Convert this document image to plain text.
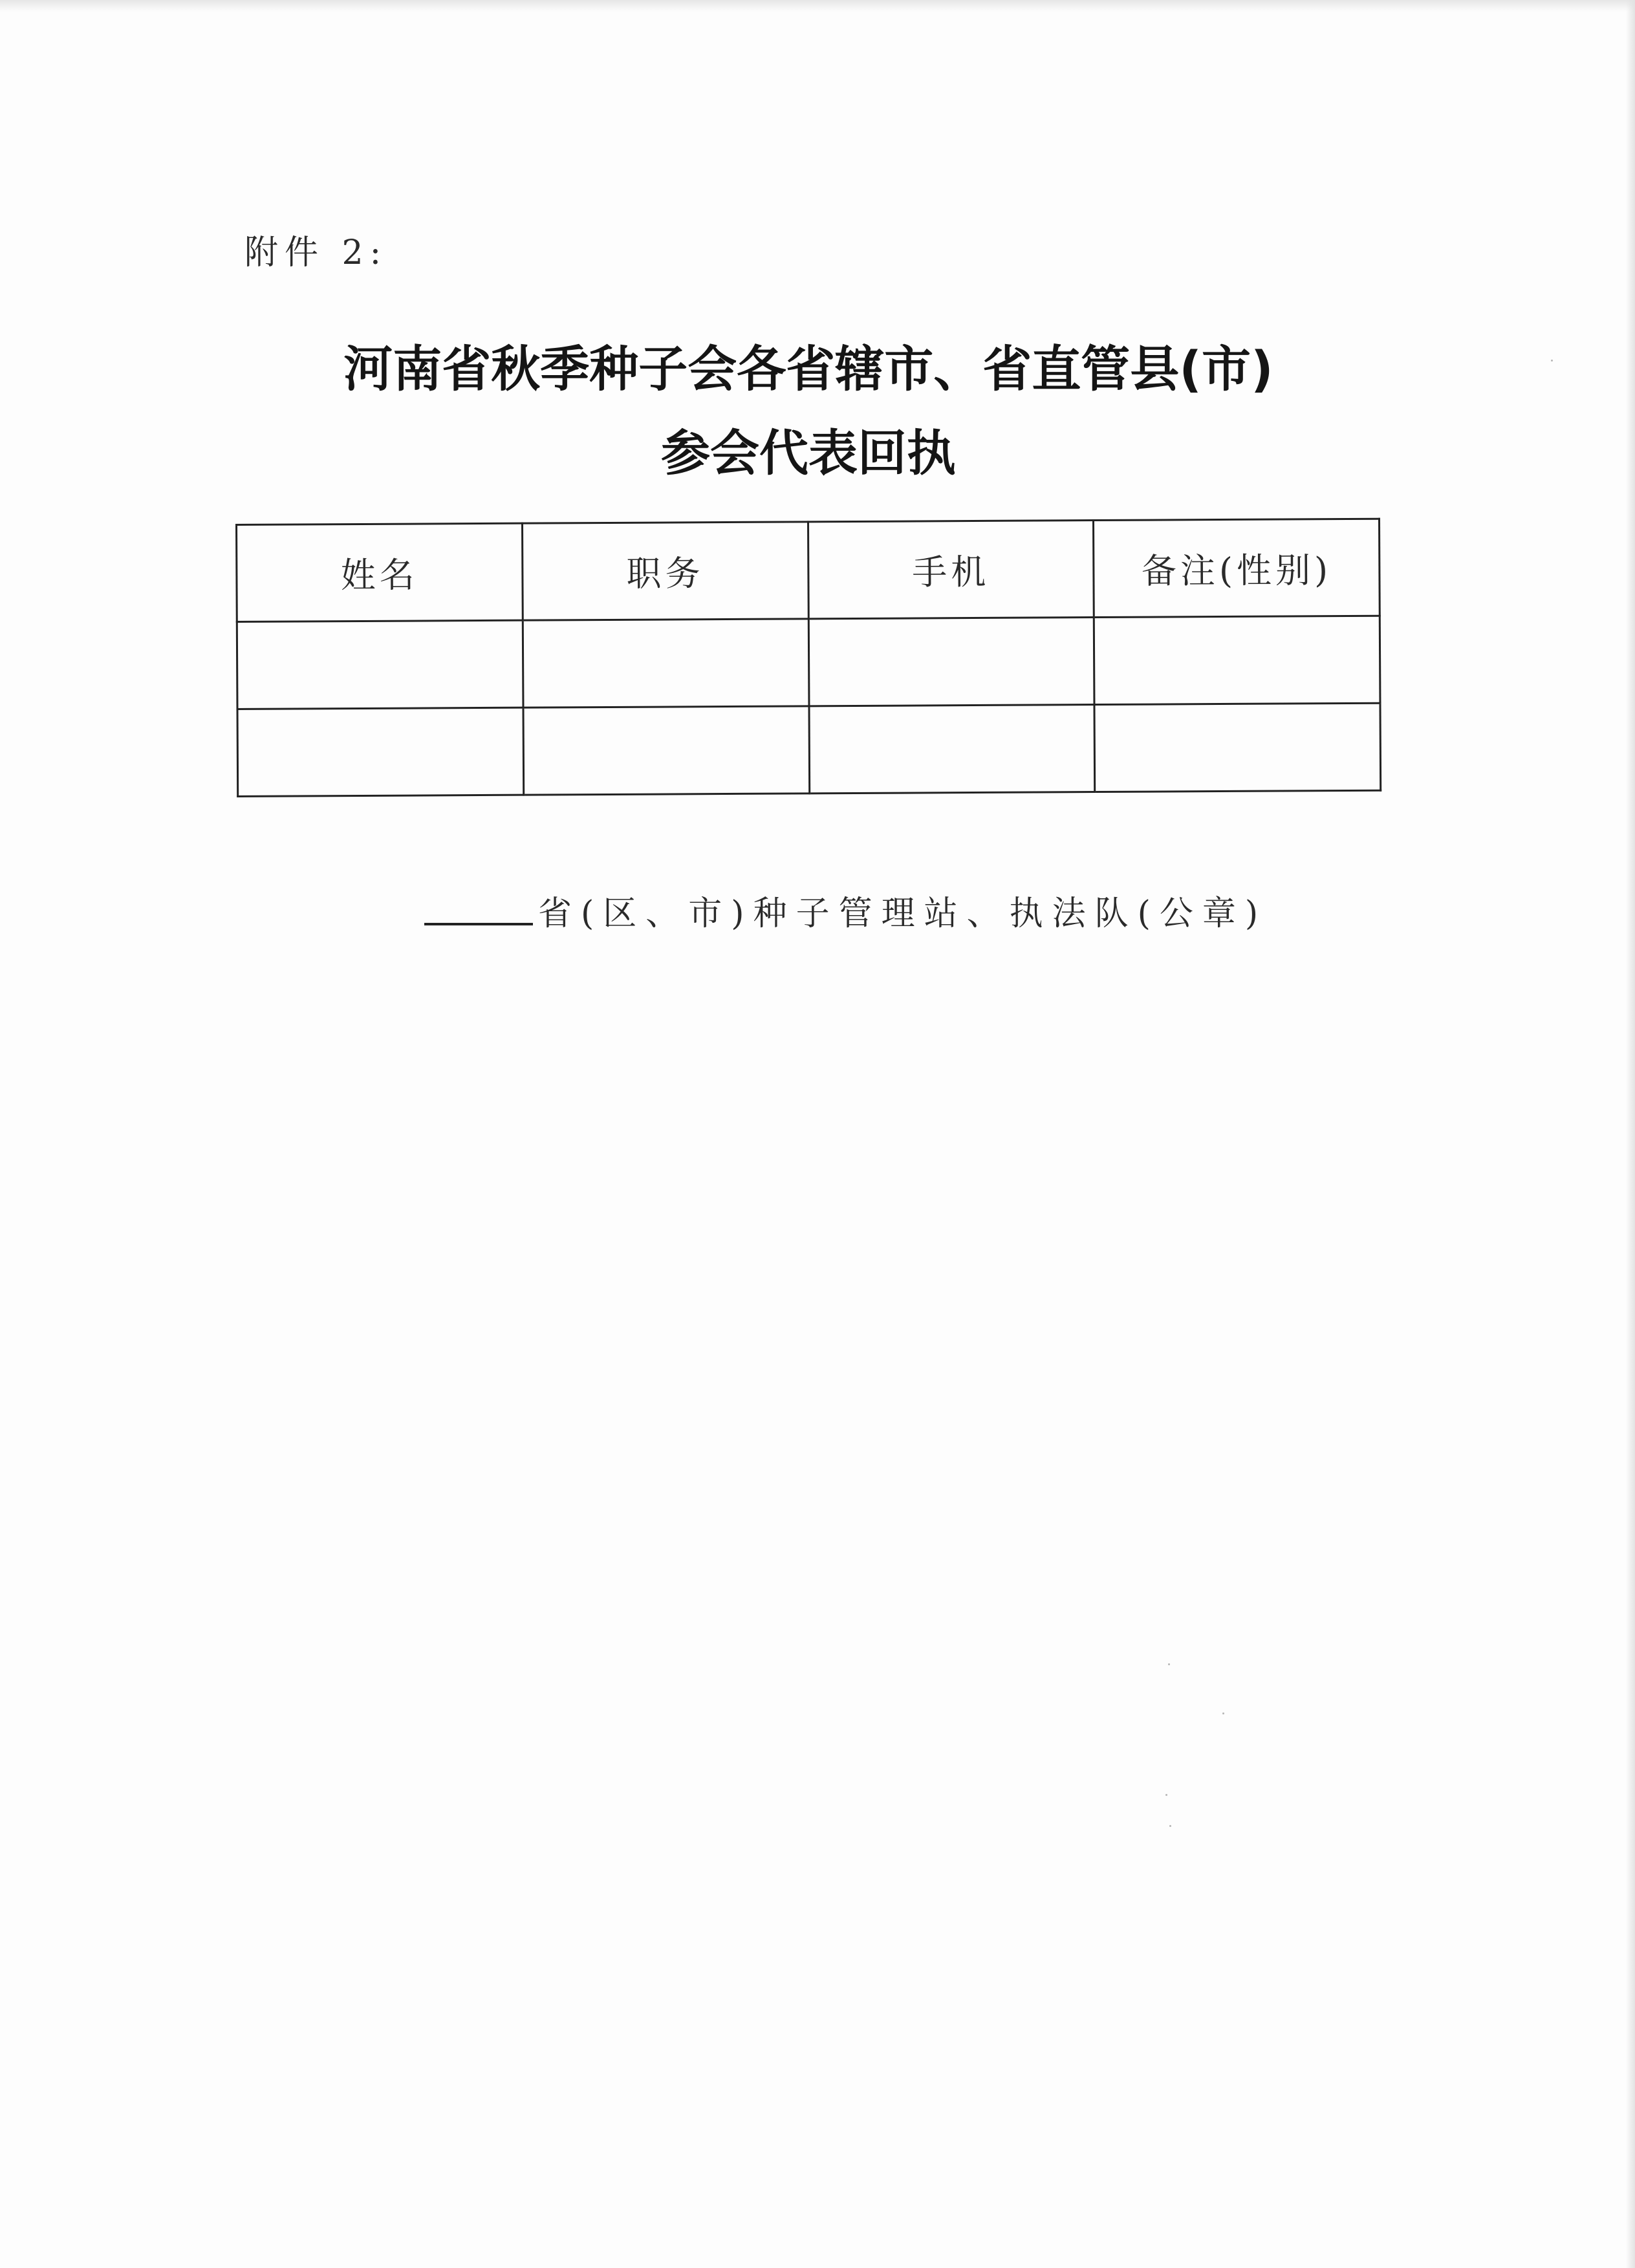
附件 2:
河南省秋季种子会各省辖市、省直管县(市)
参会代表回执
姓名	职务	手机	备注(性别)

省(区、市)种子管理站、执法队(公章)
